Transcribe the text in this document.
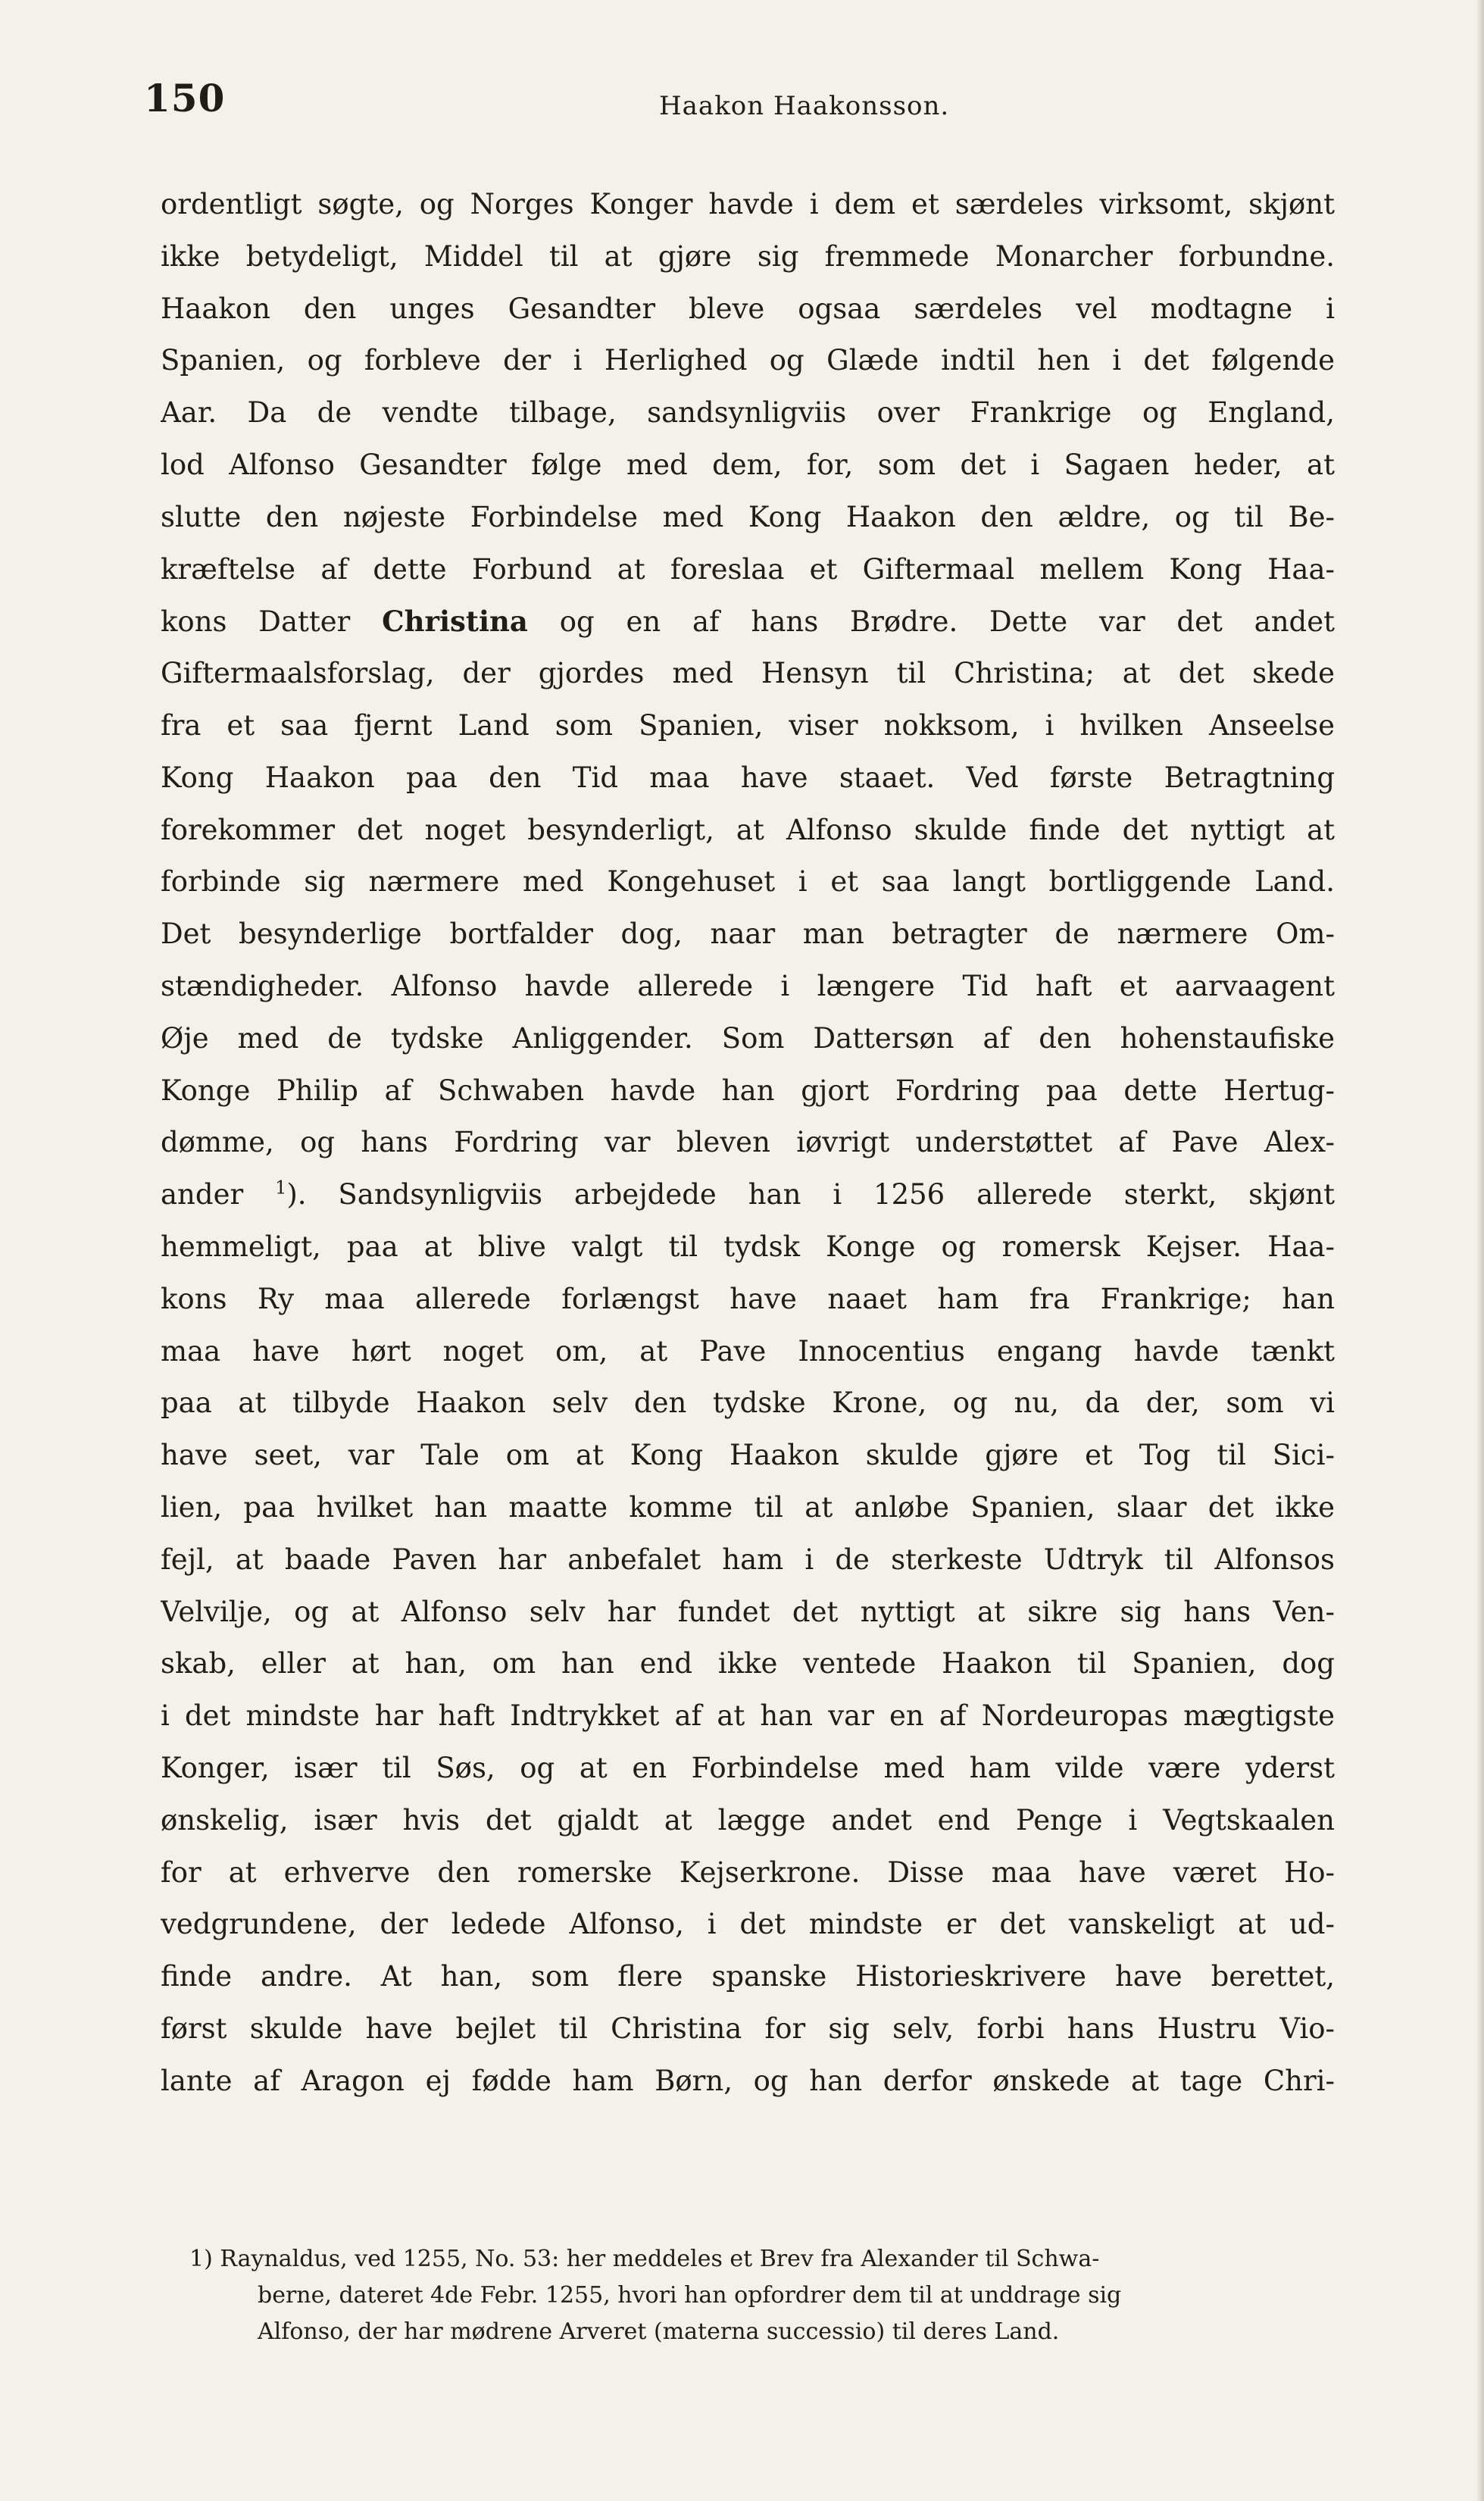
150	Haakon Haakonsson.
ordentligt søgte, og Norges Konger havde i dem et særdeles virksomt, skjønt
ikke betydeligt, Middel til at gjøre sig fremmede Monarcher forbundne.
Haakon den unges Gesandter bleve ogsaa særdeles vel modtagne i
Spanien, og forbleve der i Herlighed og Glæde indtil hen i det følgende
Aar. Da de vendte tilbage, sandsynligviis over Frankrige og England,
lod Alfonso Gesandter følge med dem, for, som det i Sagaen heder, at
slutte den nøjeste Forbindelse med Kong Haakon den ældre, og til Be-
kræftelse af dette Forbund at foreslaa et Giftermaal mellem Kong Haa-
kons Datter Christina og en af hans Brødre. Dette var det andet
Giftermaalsforslag, der gjordes med Hensyn til Christina; at det skede
fra et saa fjernt Land som Spanien, viser nokksom, i hvilken Anseelse
Kong Haakon paa den Tid maa have staaet. Ved første Betragtning
forekommer det noget besynderligt, at Alfonso skulde finde det nyttigt at
forbinde sig nærmere med Kongehuset i et saa langt bortliggende Land.
Det besynderlige bortfalder dog, naar man betragter de nærmere Om-
stændigheder. Alfonso havde allerede i længere Tid haft et aarvaagent
Øje med de tydske Anliggender. Som Dattersøn af den hohenstaufiske
Konge Philip af Schwaben havde han gjort Fordring paa dette Hertug-
dømme, og hans Fordring var bleven iøvrigt understøttet af Pave Alex-
ander $^1$). Sandsynligviis arbejdede han i 1256 allerede sterkt, skjønt
hemmeligt, paa at blive valgt til tydsk Konge og romersk Kejser. Haa-
kons Ry maa allerede forlængst have naaet ham fra Frankrige; han
maa have hørt noget om, at Pave Innocentius engang havde tænkt
paa at tilbyde Haakon selv den tydske Krone, og nu, da der, som vi
have seet, var Tale om at Kong Haakon skulde gjøre et Tog til Sici-
lien, paa hvilket han maatte komme til at anløbe Spanien, slaar det ikke
fejl, at baade Paven har anbefalet ham i de sterkeste Udtryk til Alfonsos
Velvilje, og at Alfonso selv har fundet det nyttigt at sikre sig hans Ven-
skab, eller at han, om han end ikke ventede Haakon til Spanien, dog
i det mindste har haft Indtrykket af at han var en af Nordeuropas mægtigste
Konger, især til Søs, og at en Forbindelse med ham vilde være yderst
ønskelig, især hvis det gjaldt at lægge andet end Penge i Vegtskaalen
for at erhverve den romerske Kejserkrone. Disse maa have været Ho-
vedgrundene, der ledede Alfonso, i det mindste er det vanskeligt at ud-
finde andre. At han, som flere spanske Historieskrivere have berettet,
først skulde have bejlet til Christina for sig selv, forbi hans Hustru Vio-
lante af Aragon ej fødde ham Børn, og han derfor ønskede at tage Chri-
1) Raynaldus, ved 1255, No. 53: her meddeles et Brev fra Alexander til Schwa-
berne, dateret 4de Febr. 1255, hvori han opfordrer dem til at unddrage sig
Alfonso, der har mødrene Arveret (materna successio) til deres Land.
